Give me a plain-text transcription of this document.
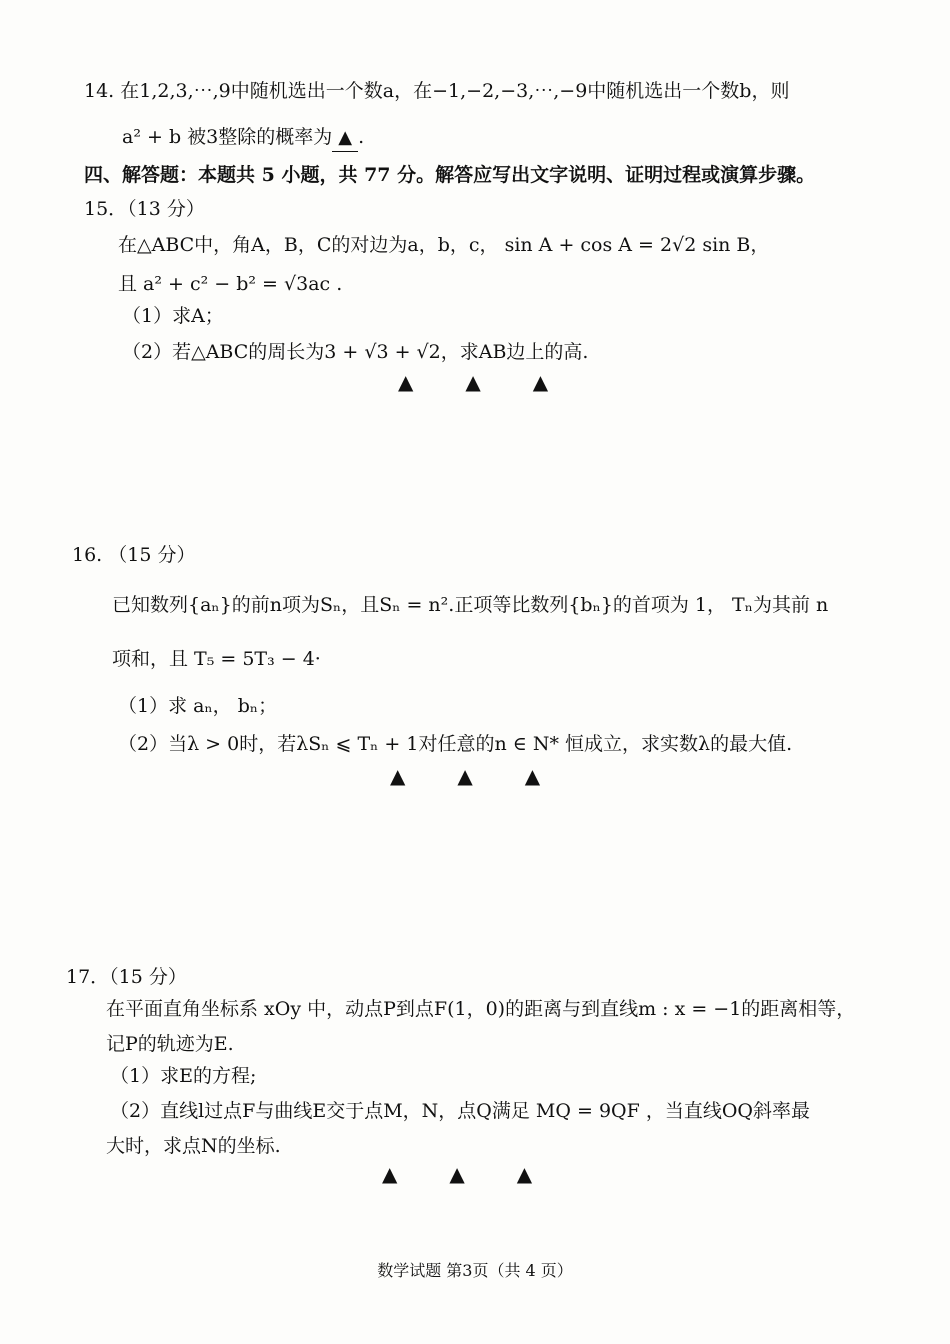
14. 在1,2,3,⋯,9中随机选出一个数a，在−1,−2,−3,⋯,−9中随机选出一个数b，则
a² + b 被3整除的概率为 ▲ .
四、解答题：本题共 5 小题，共 77 分。解答应写出文字说明、证明过程或演算步骤。
15．（13 分）
在△ABC中，角A，B，C的对边为a，b，c， sin A + cos A = 2√2 sin B，
且 a² + c² − b² = √3ac .
（1）求A；
（2）若△ABC的周长为3 + √3 + √2，求AB边上的高.
▲	▲	▲
16. （15 分）
已知数列{aₙ}的前n项为Sₙ，且Sₙ = n².正项等比数列{bₙ}的首项为 1， Tₙ为其前 n
项和，且 T₅ = 5T₃ − 4·
（1）求 aₙ， bₙ；
（2）当λ > 0时，若λSₙ ⩽ Tₙ + 1对任意的n ∈ N* 恒成立，求实数λ的最大值.
▲	▲	▲
17．（15 分）
在平面直角坐标系 xOy 中，动点P到点F(1，0)的距离与到直线m : x = −1的距离相等，
记P的轨迹为E.
（1）求E的方程;
（2）直线l过点F与曲线E交于点M，N，点Q满足 MQ = 9QF ，当直线OQ斜率最
大时，求点N的坐标.
▲	▲	▲
数学试题 第3页（共 4 页）
